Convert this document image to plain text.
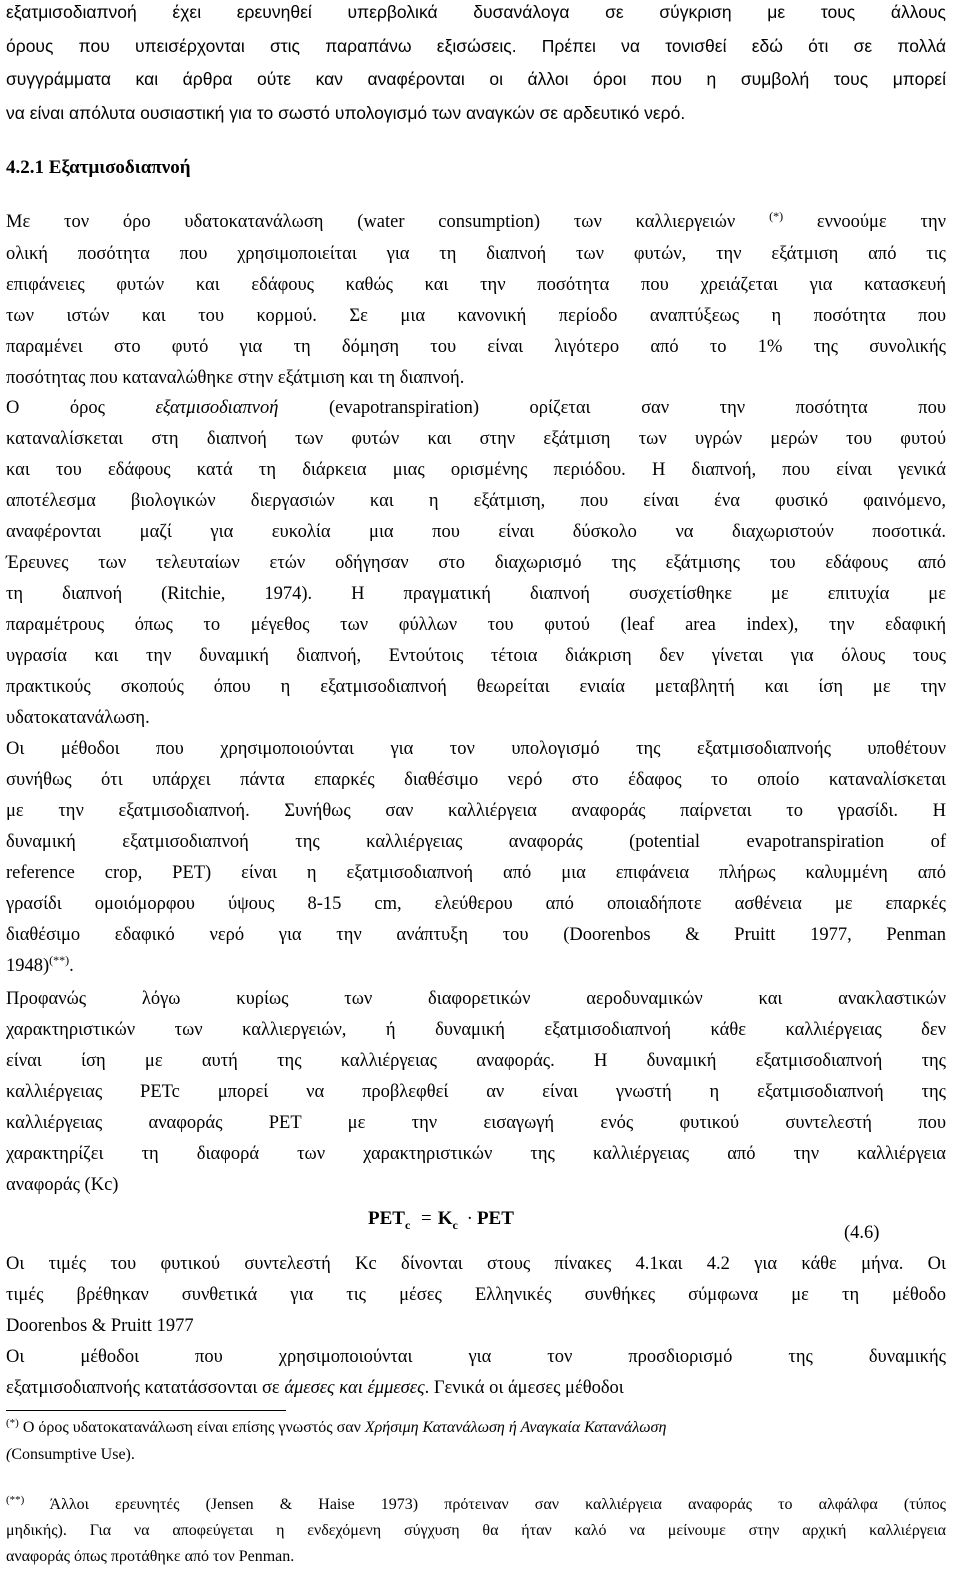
εξατμισοδιαπνοή έχει ερευνηθεί υπερβολικά δυσανάλογα σε σύγκριση με τους άλλους
όρους που υπεισέρχονται στις παραπάνω εξισώσεις. Πρέπει να τονισθεί εδώ ότι σε πολλά
συγγράμματα και άρθρα ούτε καν αναφέρονται οι άλλοι όροι που η συμβολή τους μπορεί
να είναι απόλυτα ουσιαστική για το σωστό υπολογισμό των αναγκών σε αρδευτικό νερό.
4.2.1 Εξατμισοδιαπνοή
Με τον όρο υδατοκατανάλωση (water consumption) των καλλιεργειών	(*) εννοούμε την
ολική ποσότητα που χρησιμοποιείται για τη διαπνοή των φυτών, την εξάτμιση από τις
επιφάνειες φυτών και εδάφους καθώς και την ποσότητα που χρειάζεται για κατασκευή
των ιστών και του κορμού. Σε μια κανονική περίοδο αναπτύξεως η ποσότητα που
παραμένει στο φυτό για τη δόμηση του είναι λιγότερο από το 1% της συνολικής
ποσότητας που καταναλώθηκε στην εξάτμιση και τη διαπνοή.
Ο όρος εξατμισοδιαπνοή (evapotranspiration) ορίζεται σαν την ποσότητα που
καταναλίσκεται στη διαπνοή των φυτών και στην εξάτμιση των υγρών μερών του φυτού
και του εδάφους κατά τη διάρκεια μιας ορισμένης περιόδου. Η διαπνοή, που είναι γενικά
αποτέλεσμα βιολογικών διεργασιών και η εξάτμιση, που είναι ένα φυσικό φαινόμενο,
αναφέρονται μαζί για ευκολία μια που είναι δύσκολο να διαχωριστούν ποσοτικά.
Έρευνες των τελευταίων ετών οδήγησαν στο διαχωρισμό της εξάτμισης του εδάφους από
τη διαπνοή (Ritchie, 1974). Η πραγματική διαπνοή συσχετίσθηκε με επιτυχία με
παραμέτρους όπως το μέγεθος των φύλλων του φυτού (leaf area index), την εδαφική
υγρασία και την δυναμική διαπνοή, Εντούτοις τέτοια διάκριση δεν γίνεται για όλους τους
πρακτικούς σκοπούς όπου η εξατμισοδιαπνοή θεωρείται ενιαία μεταβλητή και ίση με την
υδατοκατανάλωση.
Οι μέθοδοι που χρησιμοποιούνται για τον υπολογισμό της εξατμισοδιαπνοής υποθέτουν
συνήθως ότι υπάρχει πάντα επαρκές διαθέσιμο νερό στο έδαφος το οποίο καταναλίσκεται
με την εξατμισοδιαπνοή. Συνήθως σαν καλλιέργεια αναφοράς παίρνεται το γρασίδι. Η
δυναμική εξατμισοδιαπνοή της καλλιέργειας αναφοράς (potential evapotranspiration of
reference crop, PET) είναι η εξατμισοδιαπνοή από μια επιφάνεια πλήρως καλυμμένη από
γρασίδι ομοιόμορφου ύψους 8-15 cm, ελεύθερου από οποιαδήποτε ασθένεια με επαρκές
διαθέσιμο εδαφικό νερό για την ανάπτυξη του (Doorenbos & Pruitt 1977, Penman
1948)(**).
Προφανώς λόγω κυρίως των διαφορετικών αεροδυναμικών και ανακλαστικών
χαρακτηριστικών των καλλιεργειών, ή δυναμική εξατμισοδιαπνοή κάθε καλλιέργειας δεν
είναι ίση με αυτή της καλλιέργειας αναφοράς. Η δυναμική εξατμισοδιαπνοή της
καλλιέργειας PETc μπορεί να προβλεφθεί αν είναι γνωστή η εξατμισοδιαπνοή της
καλλιέργειας αναφοράς PET με την εισαγωγή ενός φυτικού συντελεστή που
χαρακτηρίζει τη διαφορά των χαρακτηριστικών της καλλιέργειας από την καλλιέργεια
αναφοράς (Kc)
$PET_c = K_c$ · PET
(4.6)
Οι τιμές του φυτικού συντελεστή Kc δίνονται στους πίνακες 4.1και 4.2 για κάθε μήνα. Οι
τιμές βρέθηκαν συνθετικά για τις μέσες Ελληνικές συνθήκες σύμφωνα με τη μέθοδο
Doorenbos & Pruitt 1977
Οι μέθοδοι που χρησιμοποιούνται για τον προσδιορισμό της δυναμικής
εξατμισοδιαπνοής κατατάσσονται σε άμεσες και έμμεσες. Γενικά οι άμεσες μέθοδοι
(*) Ο όρος υδατοκατανάλωση είναι επίσης γνωστός σαν Χρήσιμη Κατανάλωση ή Αναγκαία Κατανάλωση
(Consumptive Use).
(**) Άλλοι ερευνητές (Jensen & Haise 1973) πρότειναν σαν καλλιέργεια αναφοράς το αλφάλφα (τύπος
μηδικής). Για να αποφεύγεται η ενδεχόμενη σύγχυση θα ήταν καλό να μείνουμε στην αρχική καλλιέργεια
αναφοράς όπως προτάθηκε από τον Penman.
